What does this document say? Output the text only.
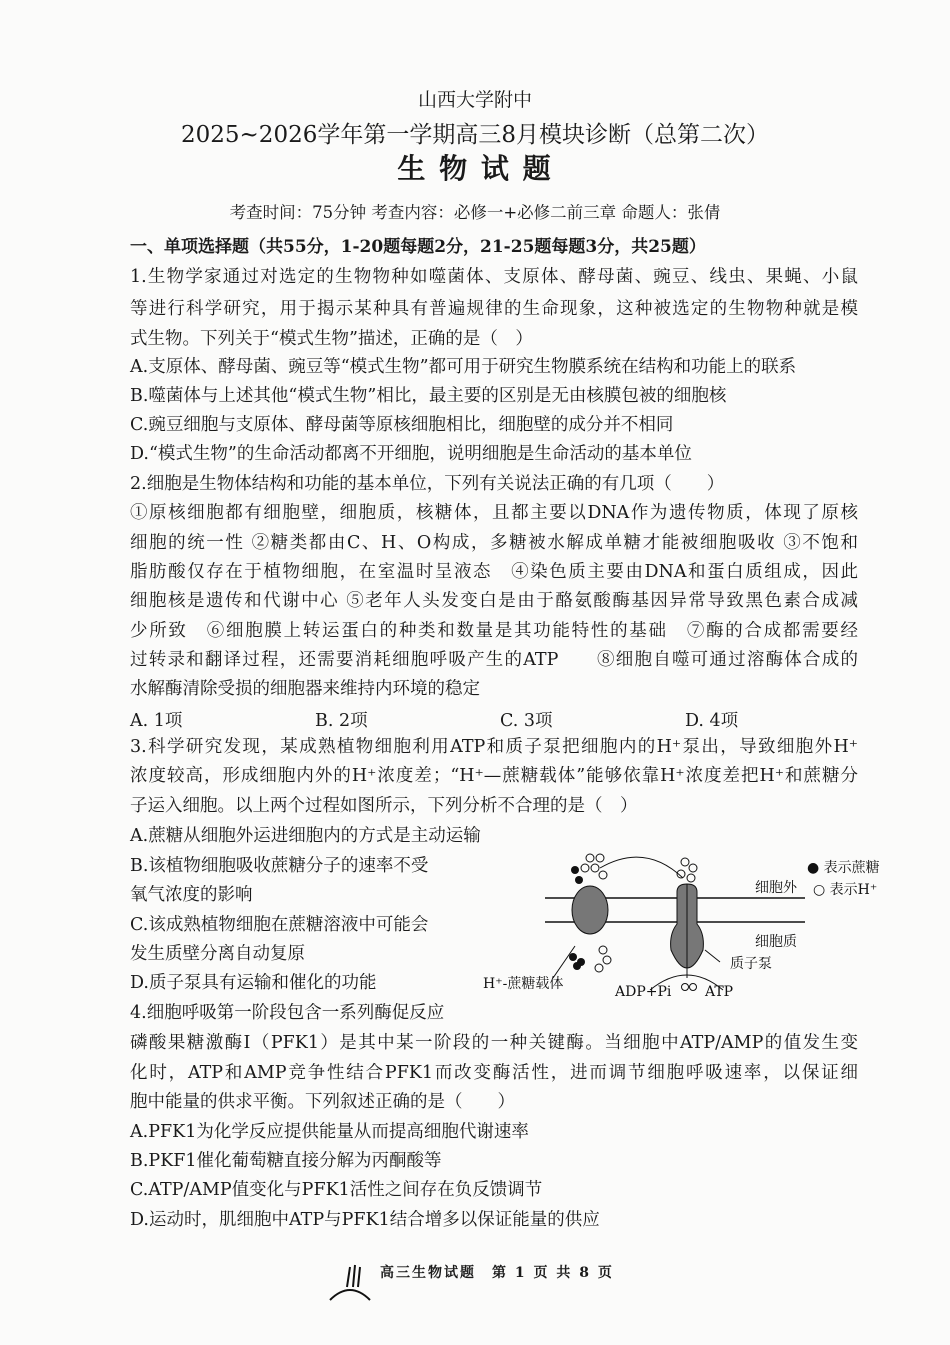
山西大学附中
2025~2026学年第一学期高三8月模块诊断（总第二次）
生 物 试 题
考查时间：75分钟 考查内容：必修一+必修二前三章 命题人：张倩
一、单项选择题（共55分，1-20题每题2分，21-25题每题3分，共25题）
1.生物学家通过对选定的生物物种如噬菌体、支原体、酵母菌、豌豆、线虫、果蝇、小鼠
等进行科学研究，用于揭示某种具有普遍规律的生命现象，这种被选定的生物物种就是模
式生物。下列关于“模式生物”描述，正确的是（　）
A.支原体、酵母菌、豌豆等“模式生物”都可用于研究生物膜系统在结构和功能上的联系
B.噬菌体与上述其他“模式生物”相比，最主要的区别是无由核膜包被的细胞核
C.豌豆细胞与支原体、酵母菌等原核细胞相比，细胞壁的成分并不相同
D.“模式生物”的生命活动都离不开细胞，说明细胞是生命活动的基本单位
2.细胞是生物体结构和功能的基本单位，下列有关说法正确的有几项（　　）
①原核细胞都有细胞壁，细胞质，核糖体，且都主要以DNA作为遗传物质，体现了原核
细胞的统一性 ②糖类都由C、H、O构成，多糖被水解成单糖才能被细胞吸收 ③不饱和
脂肪酸仅存在于植物细胞，在室温时呈液态　④染色质主要由DNA和蛋白质组成，因此
细胞核是遗传和代谢中心 ⑤老年人头发变白是由于酪氨酸酶基因异常导致黑色素合成减
少所致　⑥细胞膜上转运蛋白的种类和数量是其功能特性的基础　⑦酶的合成都需要经
过转录和翻译过程，还需要消耗细胞呼吸产生的ATP　　⑧细胞自噬可通过溶酶体合成的
水解酶清除受损的细胞器来维持内环境的稳定
A. 1项	B. 2项	C. 3项	D. 4项
3.科学研究发现，某成熟植物细胞利用ATP和质子泵把细胞内的H⁺泵出，导致细胞外H⁺
浓度较高，形成细胞内外的H⁺浓度差；“H⁺—蔗糖载体”能够依靠H⁺浓度差把H⁺和蔗糖分
子运入细胞。以上两个过程如图所示，下列分析不合理的是（　）
A.蔗糖从细胞外运进细胞内的方式是主动运输
B.该植物细胞吸收蔗糖分子的速率不受
氧气浓度的影响
C.该成熟植物细胞在蔗糖溶液中可能会
发生质壁分离自动复原
D.质子泵具有运输和催化的功能
细胞外
细胞质
质子泵
H⁺-蔗糖载体	ADP+Pi ATP
● 表示蔗糖
○ 表示H⁺
4.细胞呼吸第一阶段包含一系列酶促反应
磷酸果糖激酶Ⅰ（PFK1）是其中某一阶段的一种关键酶。当细胞中ATP/AMP的值发生变
化时，ATP和AMP竞争性结合PFK1而改变酶活性，进而调节细胞呼吸速率，以保证细
胞中能量的供求平衡。下列叙述正确的是（　　）
A.PFK1为化学反应提供能量从而提高细胞代谢速率
B.PKF1催化葡萄糖直接分解为丙酮酸等
C.ATP/AMP值变化与PFK1活性之间存在负反馈调节
D.运动时，肌细胞中ATP与PFK1结合增多以保证能量的供应
高三生物试题　第 1 页 共 8 页
